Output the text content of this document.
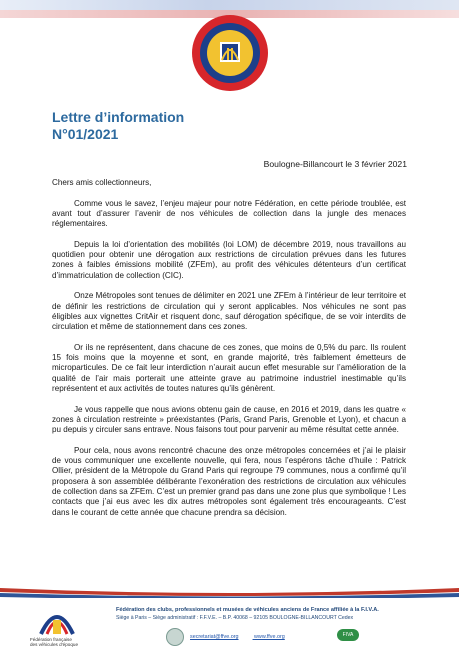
Lettre d’information
N°01/2021
Boulogne-Billancourt le 3 février 2021

Chers amis collectionneurs,

Comme vous le savez, l’enjeu majeur pour notre Fédération, en cette période troublée, est avant tout d’assurer l’avenir de nos véhicules de collection dans la jungle des menaces réglementaires.

Depuis la loi d’orientation des mobilités (loi LOM) de décembre 2019, nous travaillons au quotidien pour obtenir une dérogation aux restrictions de circulation prévues dans les futures zones à faibles émissions mobilité (ZFEm), au profit des véhicules détenteurs d’un certificat d’immatriculation de collection (CIC).

Onze Métropoles sont tenues de délimiter en 2021 une ZFEm à l’intérieur de leur territoire et de définir les restrictions de circulation qui y seront applicables. Nos véhicules ne sont pas éligibles aux vignettes CritAir et risquent donc, sauf dérogation spécifique, de se voir interdits de circulation et même de stationnement dans ces zones.

Or ils ne représentent, dans chacune de ces zones, que moins de 0,5% du parc. Ils roulent 15 fois moins que la moyenne et sont, en grande majorité, très faiblement émetteurs de microparticules. De ce fait leur interdiction n’aurait aucun effet mesurable sur l’amélioration de la qualité de l’air mais porterait une atteinte grave au patrimoine industriel inestimable qu’ils représentent et aux activités de toutes natures qu’ils génèrent.

Je vous rappelle que nous avions obtenu gain de cause, en 2016 et 2019, dans les quatre « zones à circulation restreinte » préexistantes (Paris, Grand Paris, Grenoble et Lyon), et chacun a pu depuis y circuler sans entrave. Nous faisons tout pour parvenir au même résultat cette année.

Pour cela, nous avons rencontré chacune des onze métropoles concernées et j’ai le plaisir de vous communiquer une excellente nouvelle, qui fera, nous l’espérons tâche d’huile : Patrick Ollier, président de la Métropole du Grand Paris qui regroupe 79 communes, nous a confirmé qu’il proposera à son assemblée délibérante l’exonération des restrictions de circulation aux véhicules de collection dans sa ZFEm. C’est un premier grand pas dans une zone plus que symbolique ! Les contacts que j’ai eus avec les dix autres métropoles sont également très encourageants. C’est dans le courant de cette année que chacune prendra sa décision.

Fédération française
des véhicules d’époque
Fédération des clubs, professionnels et musées de véhicules anciens de France affiliée à la F.I.V.A.
Siège à Paris – Siège administratif : F.F.V.E. – B.P. 40068 – 92105 BOULOGNE-BILLANCOURT Cedex
secretariat@ffve.org	www.ffve.org	FIVA
